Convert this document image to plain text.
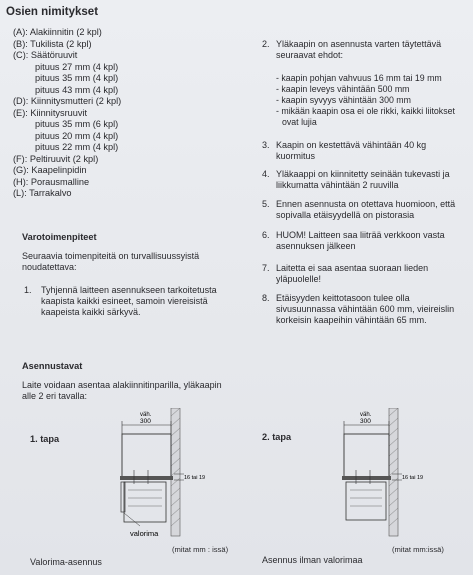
Osien nimitykset
(A): Alakiinnitin (2 kpl)
(B): Tukilista (2 kpl)
(C): Säätöruuvit
pituus 27 mm (4 kpl)
pituus 35 mm (4 kpl)
pituus 43 mm (4 kpl)
(D): Kiinnitysmutteri (2 kpl)
(E): Kiinnitysruuvit
pituus 35 mm (6 kpl)
pituus 20 mm (4 kpl)
pituus 22 mm (4 kpl)
(F): Peltiruuvit (2 kpl)
(G): Kaapelinpidin
(H): Porausmalline
(L): Tarrakalvo
Varotoimenpiteet
Seuraavia toimenpiteitä on turvallisuussyistä noudatettava:
1. Tyhjennä laitteen asennukseen tarkoitetusta kaapista kaikki esineet, samoin viereisistä kaapeista kaikki särkyvä.
Asennustavat
Laite voidaan asentaa alakiinnitinparilla, yläkaapin alle 2 eri tavalla:
1. tapa	2. tapa
väh.
300
16 tai 19
valorima
väh.
300
16 tai 19
(mitat mm : issä)	(mitat mm:issä)
Valorima-asennus	Asennus ilman valorimaa
2. Yläkaapin on asennusta varten täytettävä seuraavat ehdot:
- kaapin pohjan vahvuus 16 mm tai 19 mm
- kaapin leveys vähintään 500 mm
- kaapin syvyys vähintään 300 mm
- mikään kaapin osa ei ole rikki, kaikki liitokset
ovat lujia
3. Kaapin on kestettävä vähintään 40 kg kuormitus
4. Yläkaappi on kiinnitetty seinään tukevasti ja liikkumatta vähintään 2 ruuvilla
5. Ennen asennusta on otettava huomioon, että sopivalla etäisyydellä on pistorasia
6. HUOM! Laitteen saa liiträä verkkoon vasta asennuksen jälkeen
7. Laitetta ei saa asentaa suoraan lieden yläpuolelle!
8. Etäisyyden keittotasoon tulee olla sivusuunnassa vähintään 600 mm, vieireislin korkeisin kaapeihin vähintään 65 mm.
